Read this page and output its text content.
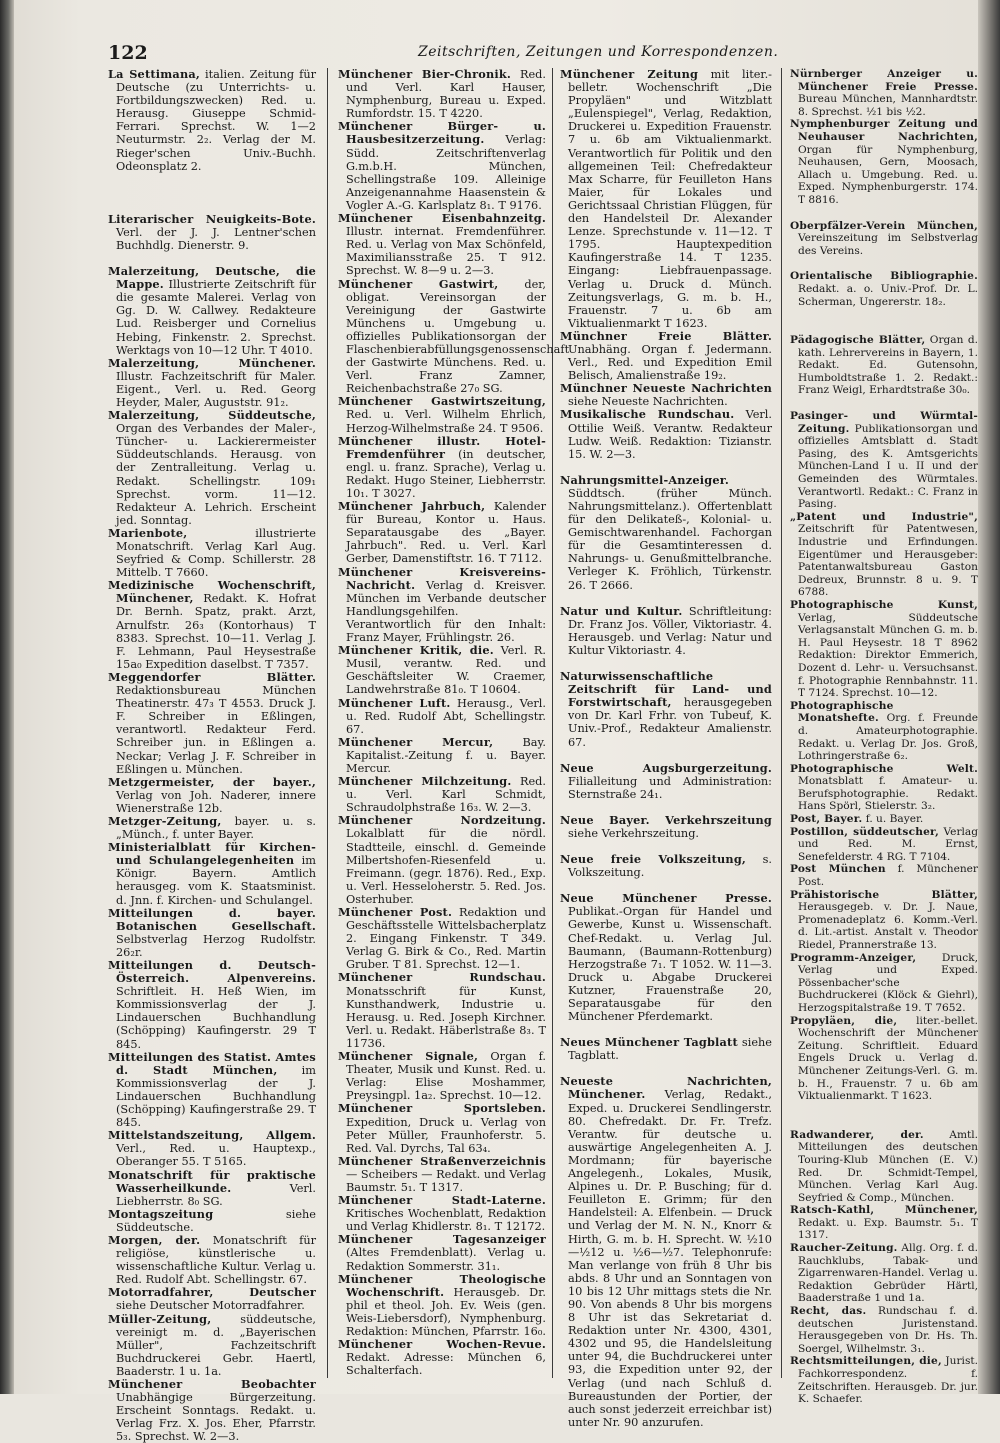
122	Zeitschriften, Zeitungen und Korrespondenzen.
La Settimana, italien. Zeitung für Deutsche (zu Unterrichts- u. Fortbildungszwecken) Red. u. Herausg. Giuseppe Schmid-Ferrari. Sprechst. W. 1—2 Neuturmstr. 2₂. Verlag der M. Rieger'schen Univ.-Buchh. Odeonsplatz 2.
Literarischer Neuigkeits-Bote. Verl. der J. J. Lentner'schen Buchhdlg. Dienerstr. 9.
Malerzeitung, Deutsche, die Mappe. Illustrierte Zeitschrift für die gesamte Malerei. Verlag von Gg. D. W. Callwey. Redakteure Lud. Reisberger und Cornelius Hebing, Finkenstr. 2. Sprechst. Werktags von 10—12 Uhr. T 4010.
Malerzeitung, Münchener. Illustr. Fachzeitschrift für Maler. Eigent., Verl. u. Red. Georg Heyder, Maler, Auguststr. 91₂.
Malerzeitung, Süddeutsche, Organ des Verbandes der Maler-, Tüncher- u. Lackierermeister Süddeutschlands. Herausg. von der Zentralleitung. Verlag u. Redakt. Schellingstr. 109₁ Sprechst. vorm. 11—12. Redakteur A. Lehrich. Erscheint jed. Sonntag.
Marienbote, illustrierte Monatschrift. Verlag Karl Aug. Seyfried & Comp. Schillerstr. 28 Mittelb. T 7660.
Medizinische Wochenschrift, Münchener, Redakt. K. Hofrat Dr. Bernh. Spatz, prakt. Arzt, Arnulfstr. 26₃ (Kontorhaus) T 8383. Sprechst. 10—11. Verlag J. F. Lehmann, Paul Heysestraße 15a₀ Expedition daselbst. T 7357.
Meggendorfer Blätter. Redaktionsbureau München Theatinerstr. 47₃ T 4553. Druck J. F. Schreiber in Eßlingen, verantwortl. Redakteur Ferd. Schreiber jun. in Eßlingen a. Neckar; Verlag J. F. Schreiber in Eßlingen u. München.
Metzgermeister, der bayer., Verlag von Joh. Naderer, innere Wienerstraße 12b.
Metzger-Zeitung, bayer. u. s. „Münch., f. unter Bayer.
Ministerialblatt für Kirchen- und Schulangelegenheiten im Königr. Bayern. Amtlich herausgeg. vom K. Staatsminist. d. Jnn. f. Kirchen- und Schulangel.
Mitteilungen d. bayer. Botanischen Gesellschaft. Selbstverlag Herzog Rudolfstr. 26₂r.
Mitteilungen d. Deutsch-Österreich. Alpenvereins. Schriftleit. H. Heß Wien, im Kommissionsverlag der J. Lindauerschen Buchhandlung (Schöpping) Kaufingerstr. 29 T 845.
Mitteilungen des Statist. Amtes d. Stadt München, im Kommissionsverlag der J. Lindauerschen Buchhandlung (Schöpping) Kaufingerstraße 29. T 845.
Mittelstandszeitung, Allgem. Verl., Red. u. Hauptexp., Oberanger 55. T 5165.
Monatschrift für praktische Wasserheilkunde. Verl. Liebherrstr. 8₀ SG.
Montagszeitung siehe Süddeutsche.
Morgen, der. Monatschrift für religiöse, künstlerische u. wissenschaftliche Kultur. Verlag u. Red. Rudolf Abt. Schellingstr. 67.
Motorradfahrer, Deutscher siehe Deutscher Motorradfahrer.
Müller-Zeitung, süddeutsche, vereinigt m. d. „Bayerischen Müller", Fachzeitschrift Buchdruckerei Gebr. Haertl, Baaderstr. 1 u. 1a.
Münchener Beobachter Unabhängige Bürgerzeitung. Erscheint Sonntags. Redakt. u. Verlag Frz. X. Jos. Eher, Pfarrstr. 5₃. Sprechst. W. 2—3.
Münchener Bier-Chronik. Red. und Verl. Karl Hauser, Nymphenburg, Bureau u. Exped. Rumfordstr. 15. T 4220.
Münchener Bürger- u. Hausbesitzerzeitung. Verlag: Südd. Zeitschriftenverlag G.m.b.H. München, Schellingstraße 109. Alleinige Anzeigenannahme Haasenstein & Vogler A.-G. Karlsplatz 8₁. T 9176.
Münchener Eisenbahnzeitg. Illustr. internat. Fremdenführer. Red. u. Verlag von Max Schönfeld, Maximiliansstraße 25. T 912. Sprechst. W. 8—9 u. 2—3.
Münchener Gastwirt, der, obligat. Vereinsorgan der Vereinigung der Gastwirte Münchens u. Umgebung u. offizielles Publikationsorgan der Flaschenbierabfüllungsgenossenschaft der Gastwirte Münchens. Red. u. Verl. Franz Zamner, Reichenbachstraße 27₀ SG.
Münchener Gastwirtszeitung, Red. u. Verl. Wilhelm Ehrlich, Herzog-Wilhelmstraße 24. T 9506.
Münchener illustr. Hotel-Fremdenführer (in deutscher, engl. u. franz. Sprache), Verlag u. Redakt. Hugo Steiner, Liebherrstr. 10₁. T 3027.
Münchener Jahrbuch, Kalender für Bureau, Kontor u. Haus. Separatausgabe des „Bayer. Jahrbuch". Red. u. Verl. Karl Gerber, Damenstiftstr. 16. T 7112.
Münchener Kreisvereins-Nachricht. Verlag d. Kreisver. München im Verbande deutscher Handlungsgehilfen. Verantwortlich für den Inhalt: Franz Mayer, Frühlingstr. 26.
Münchener Kritik, die. Verl. R. Musil, verantw. Red. und Geschäftsleiter W. Craemer, Landwehrstraße 81₀. T 10604.
Münchener Luft. Herausg., Verl. u. Red. Rudolf Abt, Schellingstr. 67.
Münchener Mercur, Bay. Kapitalist.-Zeitung f. u. Bayer. Mercur.
Münchener Milchzeitung. Red. u. Verl. Karl Schmidt, Schraudolphstraße 16₃. W. 2—3.
Münchener Nordzeitung. Lokalblatt für die nördl. Stadtteile, einschl. d. Gemeinde Milbertshofen-Riesenfeld u. Freimann. (gegr. 1876). Red., Exp. u. Verl. Hesseloherstr. 5. Red. Jos. Osterhuber.
Münchener Post. Redaktion und Geschäftsstelle Wittelsbacherplatz 2. Eingang Finkenstr. T 349. Verlag G. Birk & Co., Red. Martin Gruber. T 81. Sprechst. 12—1.
Münchener Rundschau. Monatsschrift für Kunst, Kunsthandwerk, Industrie u. Herausg. u. Red. Joseph Kirchner. Verl. u. Redakt. Häberlstraße 8₃. T 11736.
Münchener Signale, Organ f. Theater, Musik und Kunst. Red. u. Verlag: Elise Moshammer, Preysingpl. 1a₂. Sprechst. 10—12.
Münchener Sportsleben. Expedition, Druck u. Verlag von Peter Müller, Fraunhoferstr. 5. Red. Val. Dyrchs, Tal 63₄.
Münchener Straßenverzeichnis — Scheibers — Redakt. und Verlag Baumstr. 5₁. T 1317.
Münchener Stadt-Laterne. Kritisches Wochenblatt, Redaktion und Verlag Khidlerstr. 8₁. T 12172.
Münchener Tagesanzeiger (Altes Fremdenblatt). Verlag u. Redaktion Sommerstr. 31₁.
Münchener Theologische Wochenschrift. Herausgeb. Dr. phil et theol. Joh. Ev. Weis (gen. Weis-Liebersdorf), Nymphenburg. Redaktion: München, Pfarrstr. 16₀.
Münchener Wochen-Revue. Redakt. Adresse: München 6, Schalterfach.
Münchener Zeitung mit liter.-belletr. Wochenschrift „Die Propyläen" und Witzblatt „Eulenspiegel", Verlag, Redaktion, Druckerei u. Expedition Frauenstr. 7 u. 6b am Viktualienmarkt. Verantwortlich für Politik und den allgemeinen Teil: Chefredakteur Max Scharre, für Feuilleton Hans Maier, für Lokales und Gerichtssaal Christian Flüggen, für den Handelsteil Dr. Alexander Lenze. Sprechstunde v. 11—12. T 1795. Hauptexpedition Kaufingerstraße 14. T 1235. Eingang: Liebfrauenpassage. Verlag u. Druck d. Münch. Zeitungsverlags, G. m. b. H., Frauenstr. 7 u. 6b am Viktualienmarkt T 1623.
Münchner Freie Blätter. Unabhäng. Organ f. Jedermann. Verl., Red. und Expedition Emil Belisch, Amalienstraße 19₂.
Münchner Neueste Nachrichten siehe Neueste Nachrichten.
Musikalische Rundschau. Verl. Ottilie Weiß. Verantw. Redakteur Ludw. Weiß. Redaktion: Tizianstr. 15. W. 2—3.
Nahrungsmittel-Anzeiger. Süddtsch. (früher Münch. Nahrungsmittelanz.). Offertenblatt für den Delikateß-, Kolonial- u. Gemischtwarenhandel. Fachorgan für die Gesamtinteressen d. Nahrungs- u. Genußmittelbranche. Verleger K. Fröhlich, Türkenstr. 26. T 2666.
Natur und Kultur. Schriftleitung: Dr. Franz Jos. Völler, Viktoriastr. 4. Herausgeb. und Verlag: Natur und Kultur Viktoriastr. 4.
Naturwissenschaftliche Zeitschrift für Land- und Forstwirtschaft, herausgegeben von Dr. Karl Frhr. von Tubeuf, K. Univ.-Prof., Redakteur Amalienstr. 67.
Neue Augsburgerzeitung. Filialleitung und Administration: Sternstraße 24₁.
Neue Bayer. Verkehrszeitung siehe Verkehrszeitung.
Neue freie Volkszeitung, s. Volkszeitung.
Neue Münchener Presse. Publikat.-Organ für Handel und Gewerbe, Kunst u. Wissenschaft. Chef-Redakt. u. Verlag Jul. Baumann, (Baumann-Rottenburg) Herzogstraße 7₁. T 1052. W. 11—3. Druck u. Abgabe Druckerei Kutzner, Frauenstraße 20, Separatausgabe für den Münchener Pferdemarkt.
Neues Münchener Tagblatt siehe Tagblatt.
Neueste Nachrichten, Münchener. Verlag, Redakt., Exped. u. Druckerei Sendlingerstr. 80. Chefredakt. Dr. Fr. Trefz. Verantw. für deutsche u. auswärtige Angelegenheiten A. J. Mordmann; für bayerische Angelegenh., Lokales, Musik, Alpines u. Dr. P. Busching; für d. Feuilleton E. Grimm; für den Handelsteil: A. Elfenbein. — Druck und Verlag der M. N. N., Knorr & Hirth, G. m. b. H. Sprecht. W. ½10—½12 u. ½6—½7. Telephonrufe: Man verlange von früh 8 Uhr bis abds. 8 Uhr und an Sonntagen von 10 bis 12 Uhr mittags stets die Nr. 90. Von abends 8 Uhr bis morgens 8 Uhr ist das Sekretariat d. Redaktion unter Nr. 4300, 4301, 4302 und 95, die Handelsleitung unter 94, die Buchdruckerei unter 93, die Expedition unter 92, der Verlag (und nach Schluß d. Bureaustunden der Portier, der auch sonst jederzeit erreichbar ist) unter Nr. 90 anzurufen.
Nürnberger Anzeiger u. Münchener Freie Presse. Bureau München, Mannhardtstr. 8. Sprechst. ½1 bis ½2.
Nymphenburger Zeitung und Neuhauser Nachrichten, Organ für Nymphenburg, Neuhausen, Gern, Moosach, Allach u. Umgebung. Red. u. Exped. Nymphenburgerstr. 174. T 8816.
Oberpfälzer-Verein München, Vereinszeitung im Selbstverlag des Vereins.
Orientalische Bibliographie. Redakt. a. o. Univ.-Prof. Dr. L. Scherman, Ungererstr. 18₂.
Pädagogische Blätter, Organ d. kath. Lehrervereins in Bayern, 1. Redakt. Ed. Gutensohn, Humboldtstraße 1. 2. Redakt.: Franz Weigl, Erhardtstraße 30₀.
Pasinger- und Würmtal-Zeitung. Publikationsorgan und offizielles Amtsblatt d. Stadt Pasing, des K. Amtsgerichts München-Land I u. II und der Gemeinden des Würmtales. Verantwortl. Redakt.: C. Franz in Pasing.
„Patent und Industrie", Zeitschrift für Patentwesen, Industrie und Erfindungen. Eigentümer und Herausgeber: Patentanwaltsbureau Gaston Dedreux, Brunnstr. 8 u. 9. T 6788.
Photographische Kunst, Verlag, Süddeutsche Verlagsanstalt München G. m. b. H. Paul Heysestr. 18 T 8962 Redaktion: Direktor Emmerich, Dozent d. Lehr- u. Versuchsanst. f. Photographie Rennbahnstr. 11. T 7124. Sprechst. 10—12.
Photographische Monatshefte. Org. f. Freunde d. Amateurphotographie. Redakt. u. Verlag Dr. Jos. Groß, Lothringerstraße 6₂.
Photographische Welt. Monatsblatt f. Amateur- u. Berufsphotographie. Redakt. Hans Spörl, Stielerstr. 3₂.
Post, Bayer. f. u. Bayer.
Postillon, süddeutscher, Verlag und Red. M. Ernst, Senefelderstr. 4 RG. T 7104.
Post München f. Münchener Post.
Prähistorische Blätter, Herausgegeb. v. Dr. J. Naue, Promenadeplatz 6. Komm.-Verl. d. Lit.-artist. Anstalt v. Theodor Riedel, Prannerstraße 13.
Programm-Anzeiger, Druck, Verlag und Exped. Pössenbacher'sche Buchdruckerei (Klöck & Giehrl), Herzogspitalstraße 19. T 7652.
Propyläen, die, liter.-bellet. Wochenschrift der Münchener Zeitung. Schriftleit. Eduard Engels Druck u. Verlag d. Münchener Zeitungs-Verl. G. m. b. H., Frauenstr. 7 u. 6b am Viktualienmarkt. T 1623.
Radwanderer, der. Amtl. Mitteilungen des deutschen Touring-Klub München (E. V.) Red. Dr. Schmidt-Tempel, München. Verlag Karl Aug. Seyfried & Comp., München.
Ratsch-Kathl, Münchener, Redakt. u. Exp. Baumstr. 5₁. T 1317.
Raucher-Zeitung. Allg. Org. f. d. Rauchklubs, Tabak- und Zigarrenwaren-Handel. Verlag u. Redaktion Gebrüder Härtl, Baaderstraße 1 und 1a.
Recht, das. Rundschau f. d. deutschen Juristenstand. Herausgegeben von Dr. Hs. Th. Soergel, Wilhelmstr. 3₁.
Rechtsmitteilungen, die, Jurist. Fachkorrespondenz. f. Zeitschriften. Herausgeb. Dr. jur. K. Schaefer.
